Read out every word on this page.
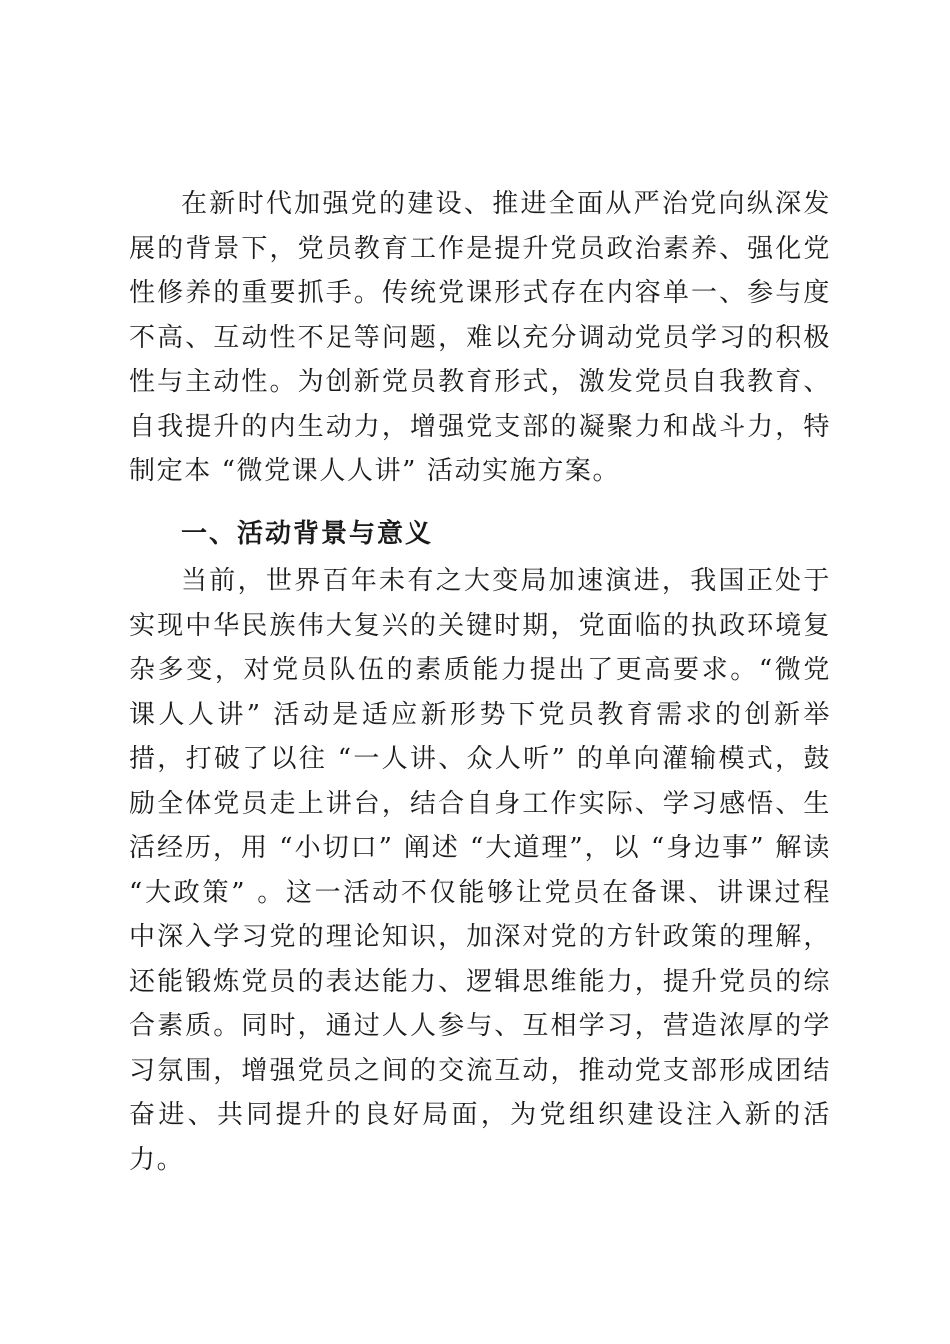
在新时代加强党的建设、推进全面从严治党向纵深发展的背景下，党员教育工作是提升党员政治素养、强化党性修养的重要抓手。传统党课形式存在内容单一、参与度不高、互动性不足等问题，难以充分调动党员学习的积极性与主动性。为创新党员教育形式，激发党员自我教育、自我提升的内生动力，增强党支部的凝聚力和战斗力，特制定本 “微党课人人讲” 活动实施方案。

一、活动背景与意义

当前，世界百年未有之大变局加速演进，我国正处于实现中华民族伟大复兴的关键时期，党面临的执政环境复杂多变，对党员队伍的素质能力提出了更高要求。“微党课人人讲” 活动是适应新形势下党员教育需求的创新举措，打破了以往 “一人讲、众人听” 的单向灌输模式，鼓励全体党员走上讲台，结合自身工作实际、学习感悟、生活经历，用 “小切口” 阐述 “大道理”，以 “身边事” 解读 “大政策” 。这一活动不仅能够让党员在备课、讲课过程中深入学习党的理论知识，加深对党的方针政策的理解，还能锻炼党员的表达能力、逻辑思维能力，提升党员的综合素质。同时，通过人人参与、互相学习，营造浓厚的学习氛围，增强党员之间的交流互动，推动党支部形成团结奋进、共同提升的良好局面，为党组织建设注入新的活力。
